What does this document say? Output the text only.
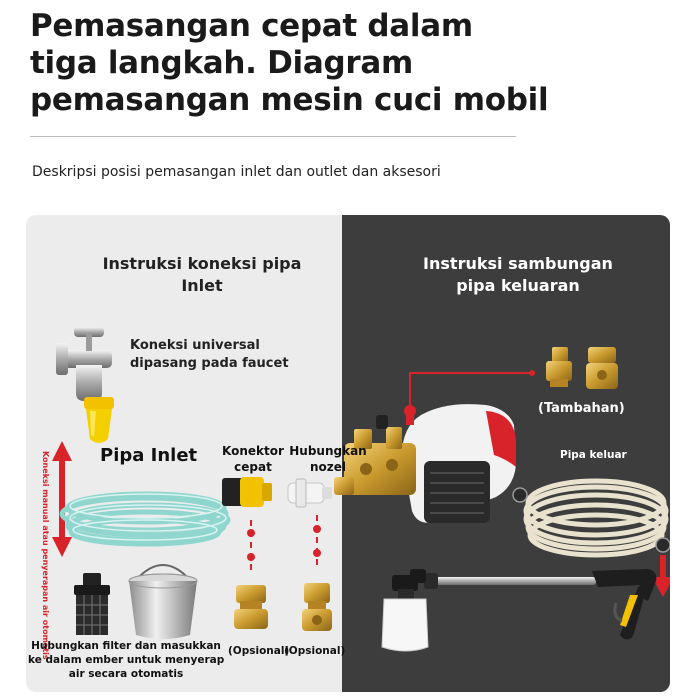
Pemasangan cepat dalam
tiga langkah. Diagram
pemasangan mesin cuci mobil
Deskripsi posisi pemasangan inlet dan outlet dan aksesori
Instruksi koneksi pipa
Inlet
Koneksi universal
dipasang pada faucet
Pipa Inlet Konektor
cepat
Hubungkan
nozel
Koneksi manual atau penyerapan air otomatis
Hubungkan filter dan masukkan
ke dalam ember untuk menyerap
air secara otomatis
(Opsional)
(Opsional)
Instruksi sambungan
pipa keluaran
(Tambahan)
Pipa keluar
